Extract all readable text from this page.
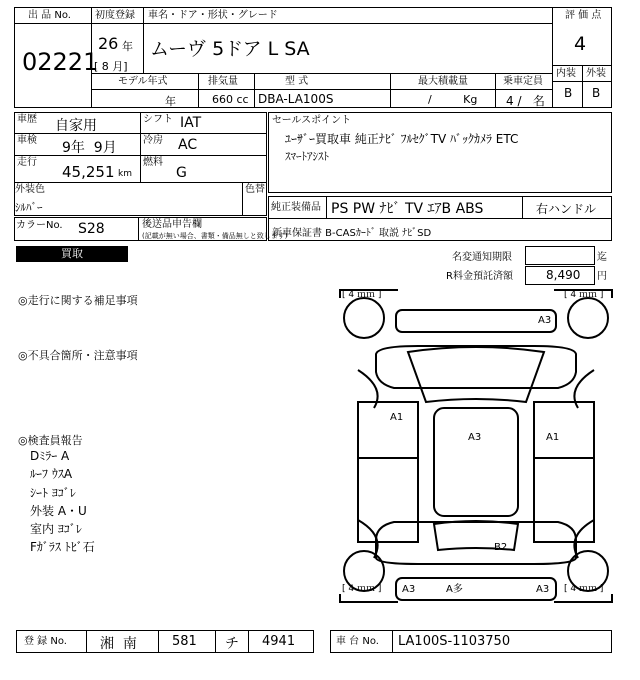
出 品 No.
02221
初度登録
26 年
[ 8 月]
車名・ドア・形状・グレード
ムーヴ 5ドア L SA
評 価 点
4
内装 外装
B B
モデル年式	排気量	型 式	最大積載量	乗車定員
年	660 cc DBA-LA100S	/         Kg 4 /   名
車歴 自家用	シフト IAT
車検 9年  9月	冷房 AC
走行
45,251 km
燃料
G
外装色
ｼﾙﾊﾞｰ
色替
カラーNo. S28	後送品申告欄
(記載が無い場合、書類・備品無しと致します)
セールスポイント
ﾕｰｻﾞｰ買取車 純正ﾅﾋﾞ ﾌﾙｾｸﾞTV ﾊﾞｯｸｶﾒﾗ ETC
ｽﾏｰﾄｱｼｽﾄ
純正装備品 PS PW ﾅﾋﾞ TV ｴｱB ABS	右ハンドル
新車保証書 B-CASｶｰﾄﾞ 取説 ﾅﾋﾞSD
買取	名変通知期限	迄
R料金預託済額	8,490 円
◎走行に関する補足事項
◎不具合箇所・注意事項
◎検査員報告
Dﾐﾗｰ A
ﾙｰﾌ ｳｽA
ｼｰﾄ ﾖｺﾞﾚ
外装 A・U
室内 ﾖｺﾞﾚ
Fｶﾞﾗｽ ﾄﾋﾞ石
[ 4 ｍｍ ]	[ 4 ｍｍ ]
[ 4 ｍｍ ]	[ 4 ｍｍ ]
A3
A1
A3	A1
B2
A3	A多	A3
登 録 No. 湘  南	581 チ 4941	車 台 No. LA100S-1103750
